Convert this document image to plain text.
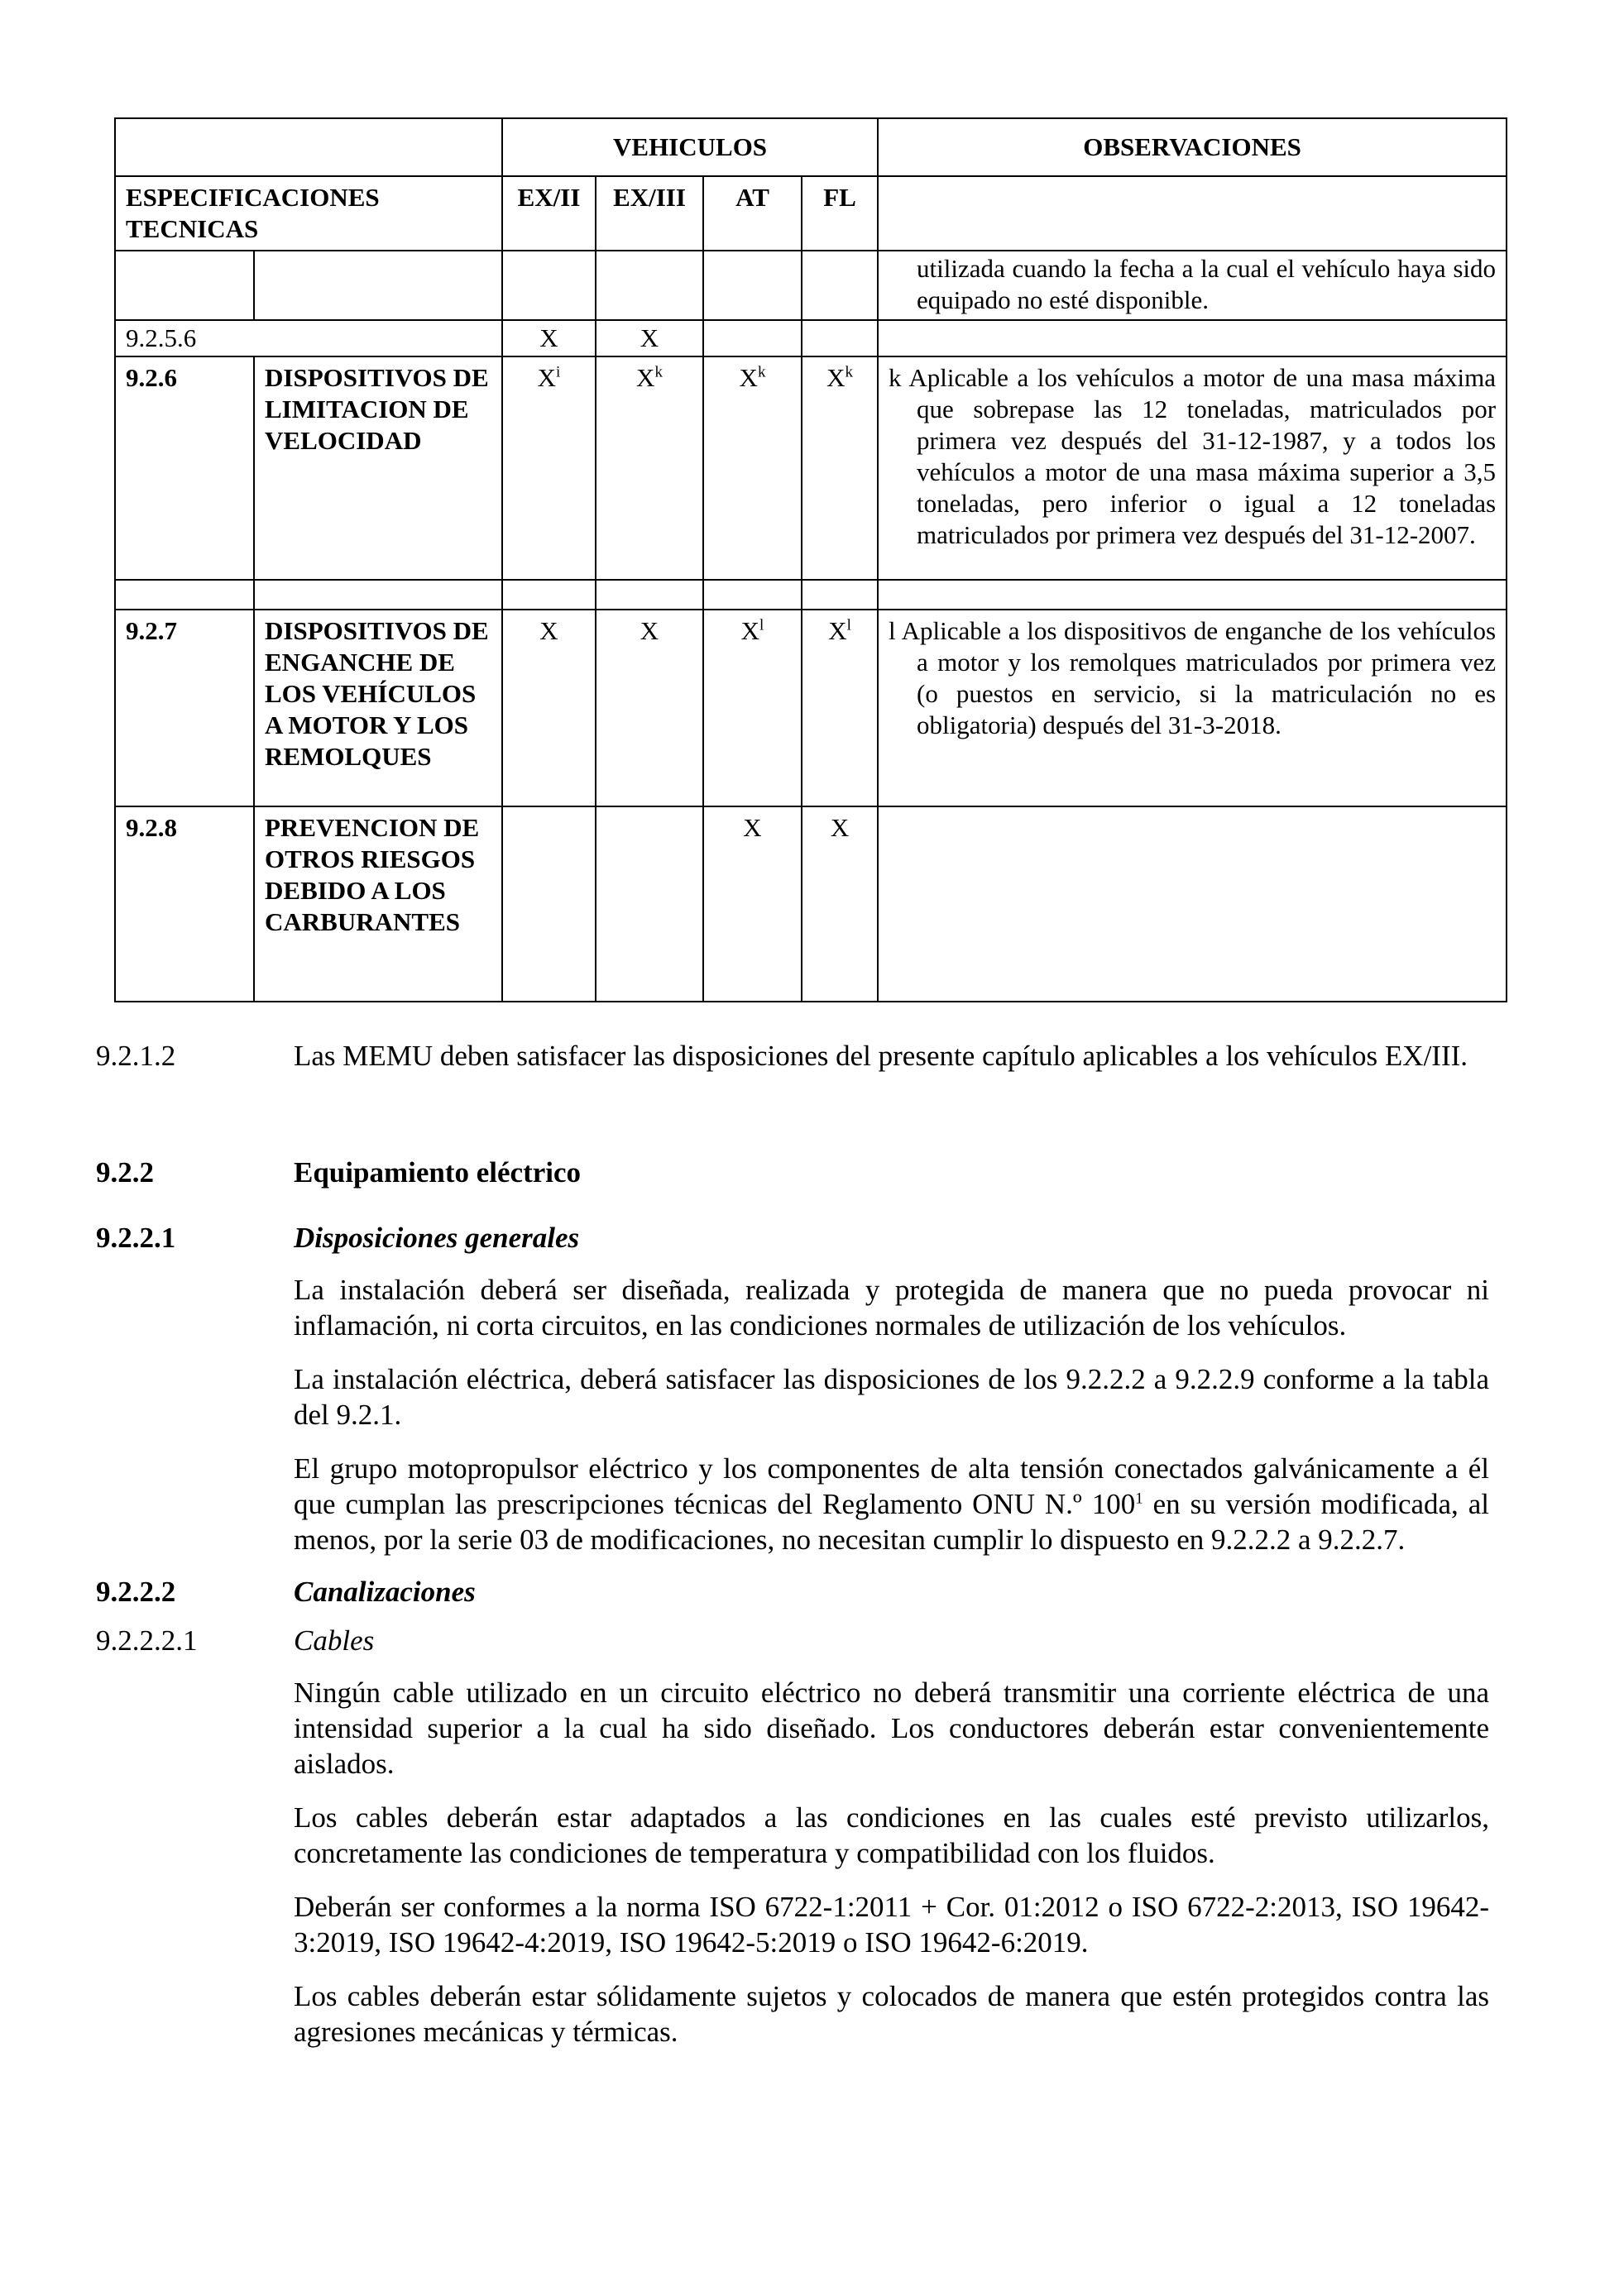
		VEHICULOS				OBSERVACIONES
ESPECIFICACIONES TECNICAS		EX/II	EX/III	AT	FL	
						utilizada cuando la fecha a la cual el vehículo haya sido equipado no esté disponible.
9.2.5.6		X	X			
9.2.6	DISPOSITIVOS DE LIMITACION DE VELOCIDAD	$X^i$	$X^k$	$X^k$	$X^k$	k Aplicable a los vehículos a motor de una masa máxima que sobrepase las 12 toneladas, matriculados por primera vez después del 31-12-1987, y a todos los vehículos a motor de una masa máxima superior a 3,5 toneladas, pero inferior o igual a 12 toneladas matriculados por primera vez después del 31-12-2007.

9.2.7	DISPOSITIVOS DE ENGANCHE DE LOS VEHÍCULOS A MOTOR Y LOS REMOLQUES	X	X	$X^l$	$X^l$	l Aplicable a los dispositivos de enganche de los vehículos a motor y los remolques matriculados por primera vez (o puestos en servicio, si la matriculación no es obligatoria) después del 31-3-2018.
9.2.8	PREVENCION DE OTROS RIESGOS DEBIDO A LOS CARBURANTES			X	X	
9.2.1.2	Las MEMU deben satisfacer las disposiciones del presente capítulo aplicables a los vehículos EX/III.
9.2.2	Equipamiento eléctrico
9.2.2.1	Disposiciones generales
La instalación deberá ser diseñada, realizada y protegida de manera que no pueda provocar ni inflamación, ni corta circuitos, en las condiciones normales de utilización de los vehículos.
La instalación eléctrica, deberá satisfacer las disposiciones de los 9.2.2.2 a 9.2.2.9 conforme a la tabla del 9.2.1.
El grupo motopropulsor eléctrico y los componentes de alta tensión conectados galvánicamente a él que cumplan las prescripciones técnicas del Reglamento ONU N.º $100^1$ en su versión modificada, al menos, por la serie 03 de modificaciones, no necesitan cumplir lo dispuesto en 9.2.2.2 a 9.2.2.7.
9.2.2.2	Canalizaciones
9.2.2.2.1	Cables
Ningún cable utilizado en un circuito eléctrico no deberá transmitir una corriente eléctrica de una intensidad superior a la cual ha sido diseñado. Los conductores deberán estar convenientemente aislados.
Los cables deberán estar adaptados a las condiciones en las cuales esté previsto utilizarlos, concretamente las condiciones de temperatura y compatibilidad con los fluidos.
Deberán ser conformes a la norma ISO 6722-1:2011 + Cor. 01:2012 o ISO 6722-2:2013, ISO 19642-3:2019, ISO 19642-4:2019, ISO 19642-5:2019 o ISO 19642-6:2019.
Los cables deberán estar sólidamente sujetos y colocados de manera que estén protegidos contra las agresiones mecánicas y térmicas.
